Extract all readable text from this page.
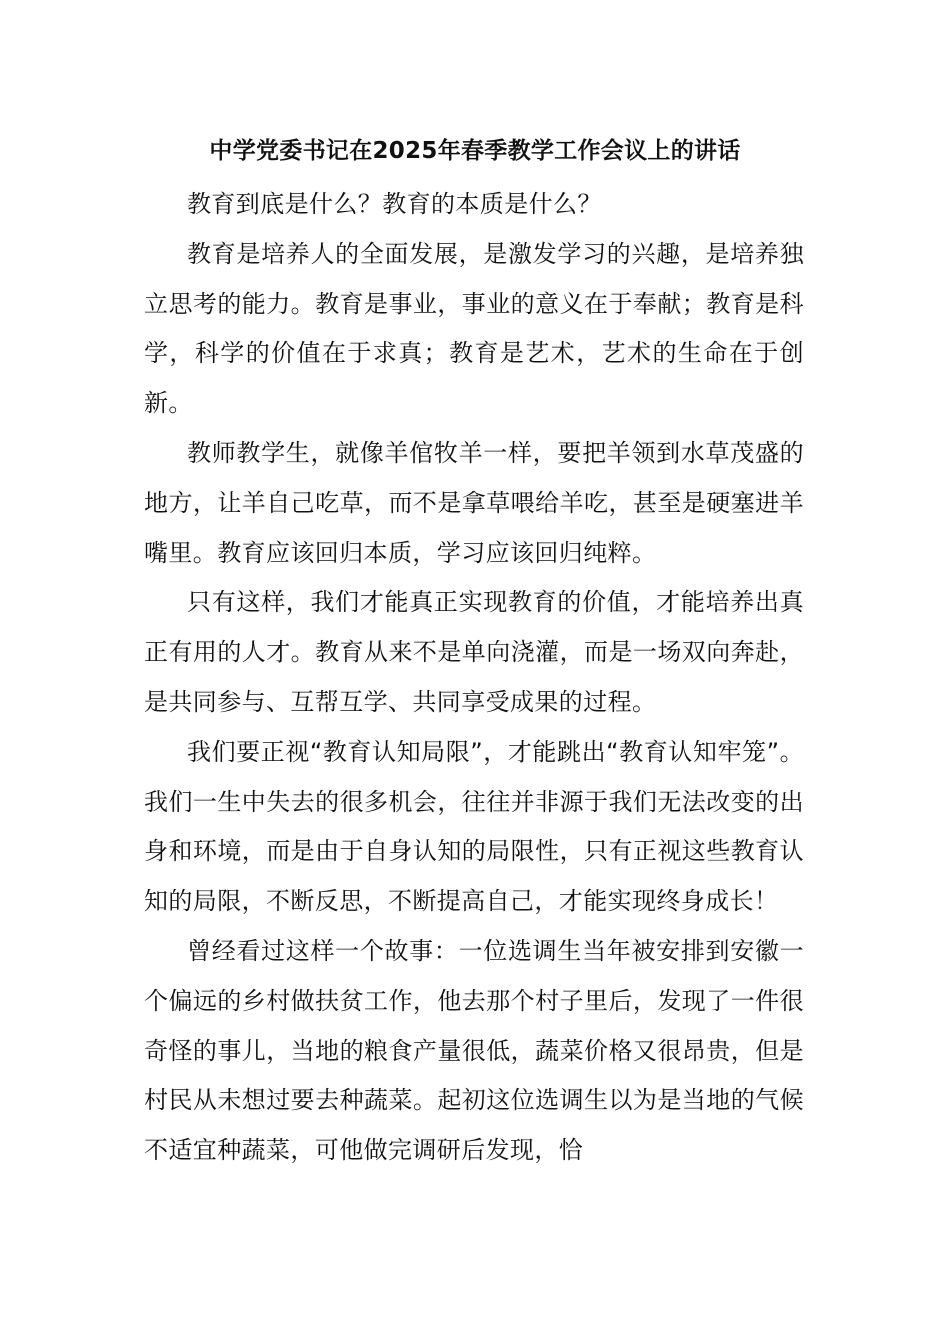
中学党委书记在2025年春季教学工作会议上的讲话

教育到底是什么？教育的本质是什么？

教育是培养人的全面发展，是激发学习的兴趣，是培养独立思考的能力。教育是事业，事业的意义在于奉献；教育是科学，科学的价值在于求真；教育是艺术，艺术的生命在于创新。

教师教学生，就像羊倌牧羊一样，要把羊领到水草茂盛的地方，让羊自己吃草，而不是拿草喂给羊吃，甚至是硬塞进羊嘴里。教育应该回归本质，学习应该回归纯粹。

只有这样，我们才能真正实现教育的价值，才能培养出真正有用的人才。教育从来不是单向浇灌，而是一场双向奔赴，是共同参与、互帮互学、共同享受成果的过程。

我们要正视“教育认知局限”，才能跳出“教育认知牢笼”。我们一生中失去的很多机会，往往并非源于我们无法改变的出身和环境，而是由于自身认知的局限性，只有正视这些教育认知的局限，不断反思，不断提高自己，才能实现终身成长！

曾经看过这样一个故事：一位选调生当年被安排到安徽一个偏远的乡村做扶贫工作，他去那个村子里后，发现了一件很奇怪的事儿，当地的粮食产量很低，蔬菜价格又很昂贵，但是村民从未想过要去种蔬菜。起初这位选调生以为是当地的气候不适宜种蔬菜，可他做完调研后发现，恰
